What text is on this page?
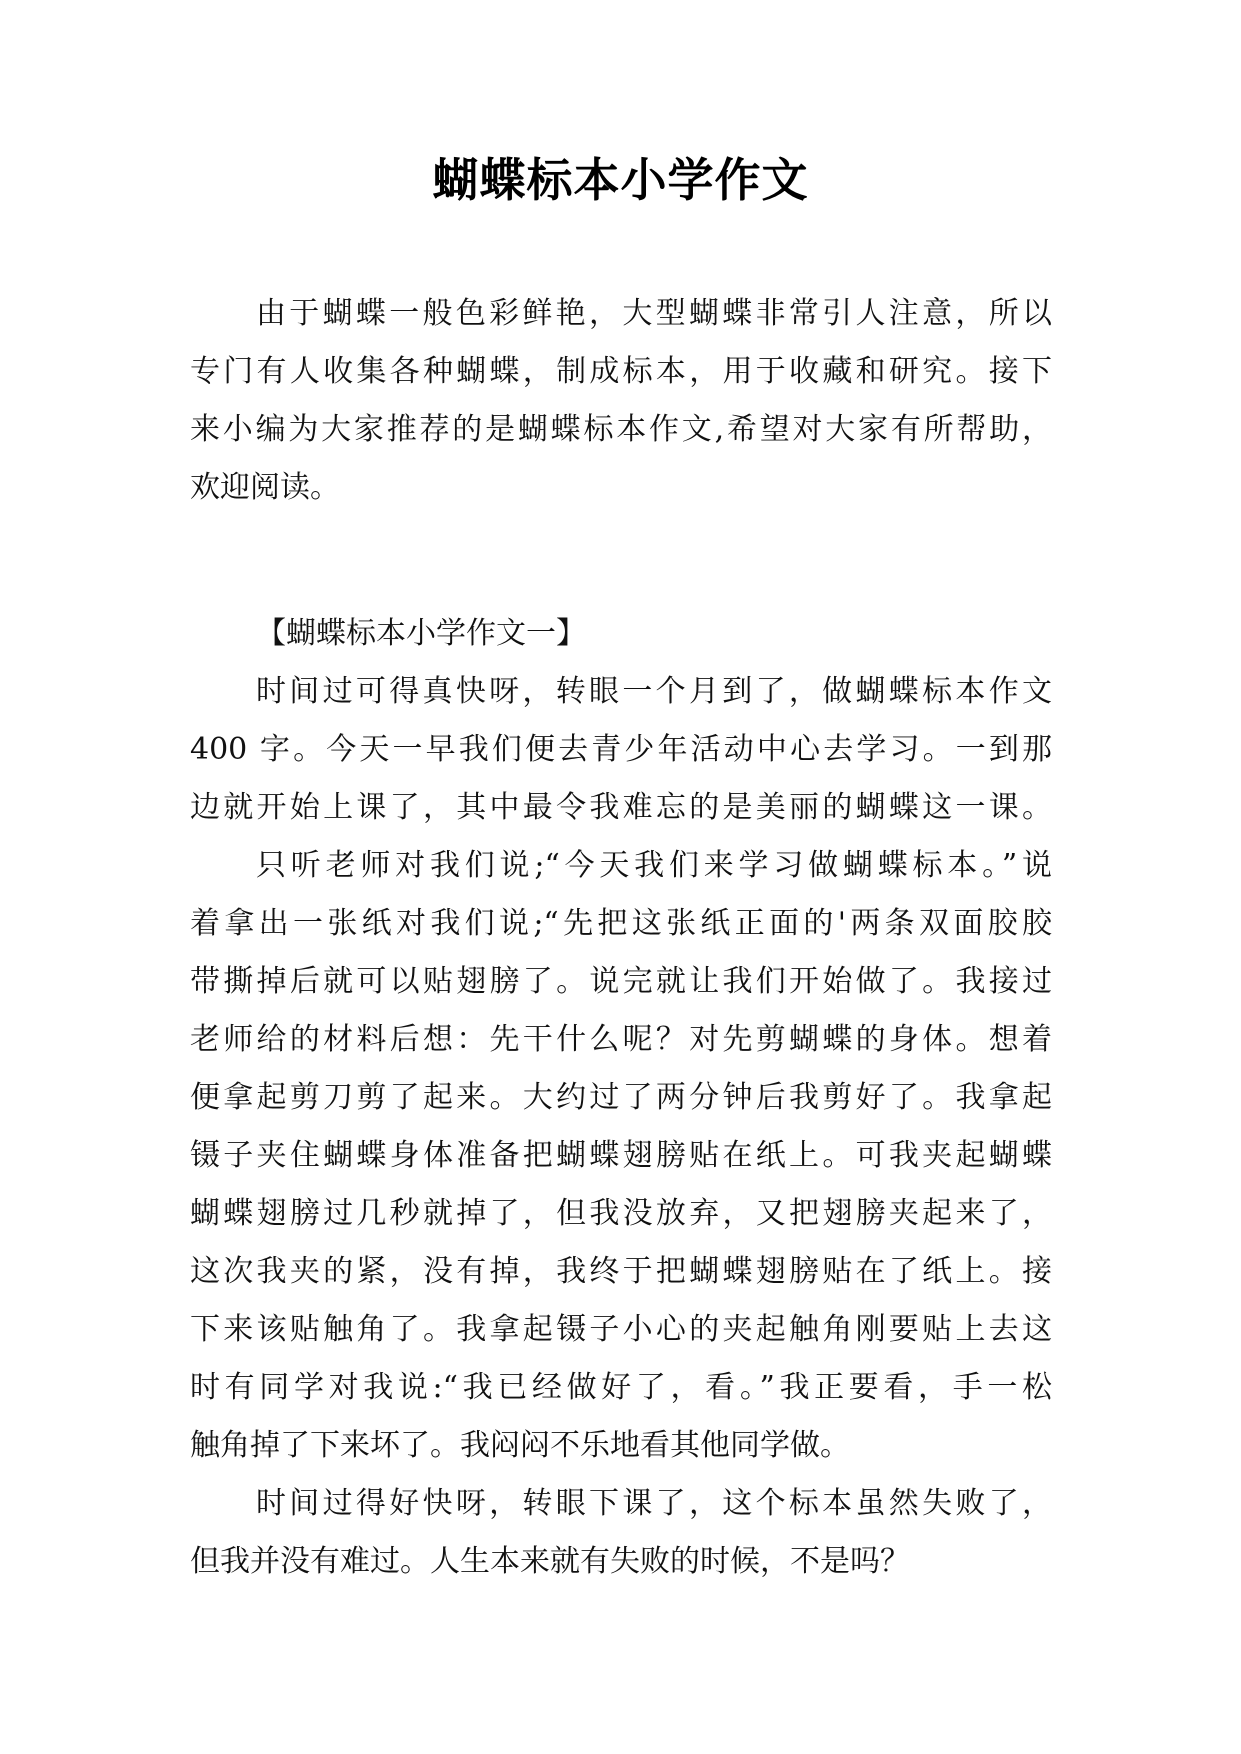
蝴蝶标本小学作文
由于蝴蝶一般色彩鲜艳，大型蝴蝶非常引人注意，所以
专门有人收集各种蝴蝶，制成标本，用于收藏和研究。接下
来小编为大家推荐的是蝴蝶标本作文,希望对大家有所帮助，
欢迎阅读。
【蝴蝶标本小学作文一】
时间过可得真快呀，转眼一个月到了，做蝴蝶标本作文
400 字。今天一早我们便去青少年活动中心去学习。一到那
边就开始上课了，其中最令我难忘的是美丽的蝴蝶这一课。
只听老师对我们说;“今天我们来学习做蝴蝶标本。”说
着拿出一张纸对我们说;“先把这张纸正面的'两条双面胶胶
带撕掉后就可以贴翅膀了。说完就让我们开始做了。我接过
老师给的材料后想：先干什么呢？对先剪蝴蝶的身体。想着
便拿起剪刀剪了起来。大约过了两分钟后我剪好了。我拿起
镊子夹住蝴蝶身体准备把蝴蝶翅膀贴在纸上。可我夹起蝴蝶
蝴蝶翅膀过几秒就掉了，但我没放弃，又把翅膀夹起来了，
这次我夹的紧，没有掉，我终于把蝴蝶翅膀贴在了纸上。接
下来该贴触角了。我拿起镊子小心的夹起触角刚要贴上去这
时有同学对我说:“我已经做好了，看。”我正要看，手一松
触角掉了下来坏了。我闷闷不乐地看其他同学做。
时间过得好快呀，转眼下课了，这个标本虽然失败了，
但我并没有难过。人生本来就有失败的时候，不是吗？
